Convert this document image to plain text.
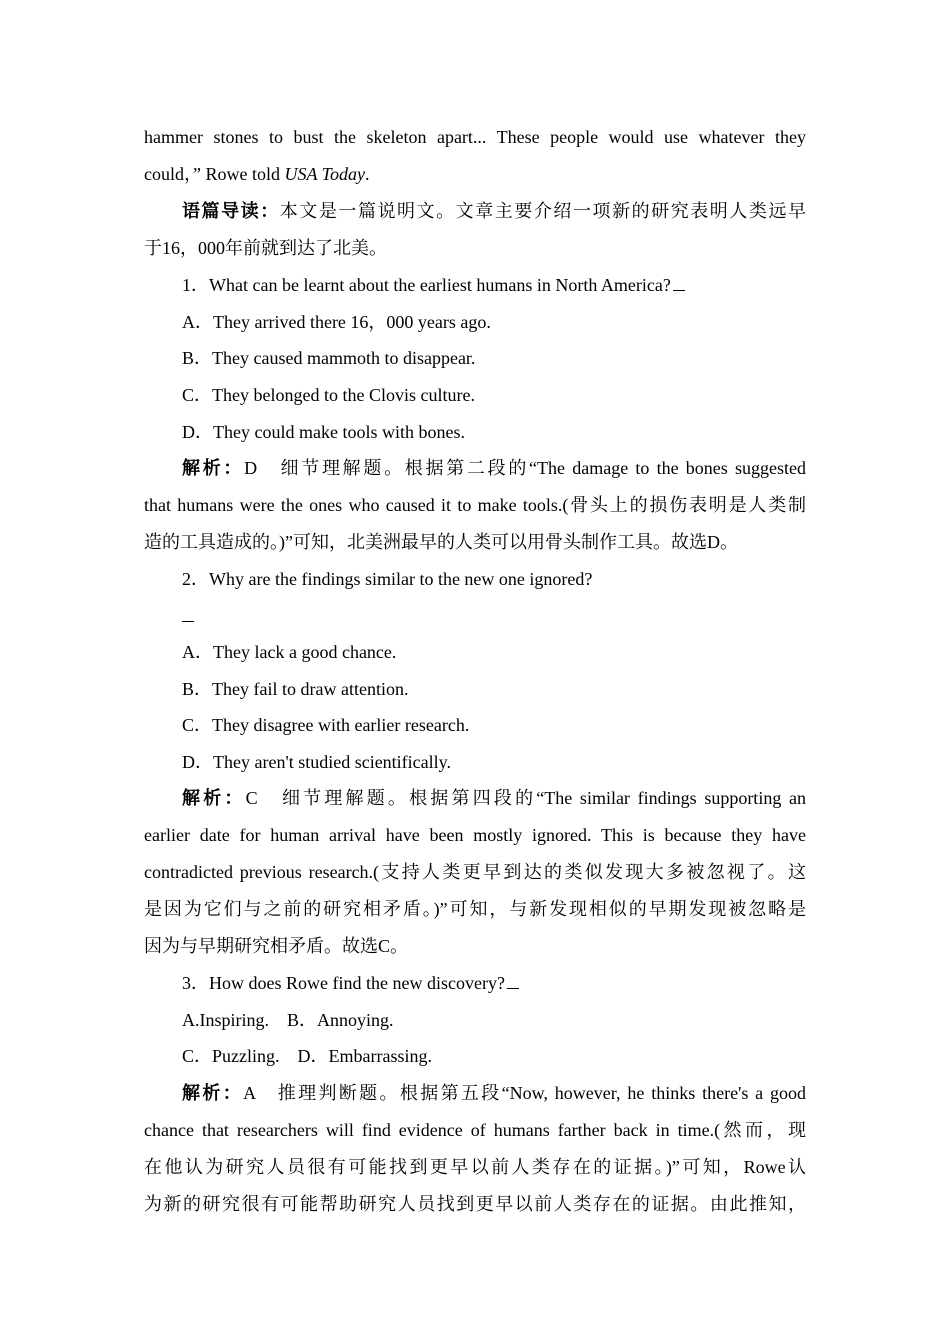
hammer stones to bust the skeleton apart... These people would use whatever they
could，” Rowe told USA Today.
语篇导读：本文是一篇说明文。文章主要介绍一项新的研究表明人类远早
于16，000年前就到达了北美。
1．What can be learnt about the earliest humans in North America?
A．They arrived there 16，000 years ago.
B．They caused mammoth to disappear.
C．They belonged to the Clovis culture.
D．They could make tools with bones.
解析：D　细节理解题。根据第二段的“The damage to the bones suggested
that humans were the ones who caused it to make tools.(骨头上的损伤表明是人类制
造的工具造成的。)”可知，北美洲最早的人类可以用骨头制作工具。故选D。
2．Why are the findings similar to the new one ignored?
A．They lack a good chance.
B．They fail to draw attention.
C．They disagree with earlier research.
D．They aren't studied scientifically.
解析：C　细节理解题。根据第四段的“The similar findings supporting an
earlier date for human arrival have been mostly ignored. This is because they have
contradicted previous research.(支持人类更早到达的类似发现大多被忽视了。这
是因为它们与之前的研究相矛盾。)”可知，与新发现相似的早期发现被忽略是
因为与早期研究相矛盾。故选C。
3．How does Rowe find the new discovery?
A.Inspiring.　B．Annoying.
C．Puzzling.　D．Embarrassing.
解析：A　推理判断题。根据第五段“Now, however, he thinks there's a good
chance that researchers will find evidence of humans farther back in time.(然而，现
在他认为研究人员很有可能找到更早以前人类存在的证据。)”可知，Rowe认
为新的研究很有可能帮助研究人员找到更早以前人类存在的证据。由此推知，
